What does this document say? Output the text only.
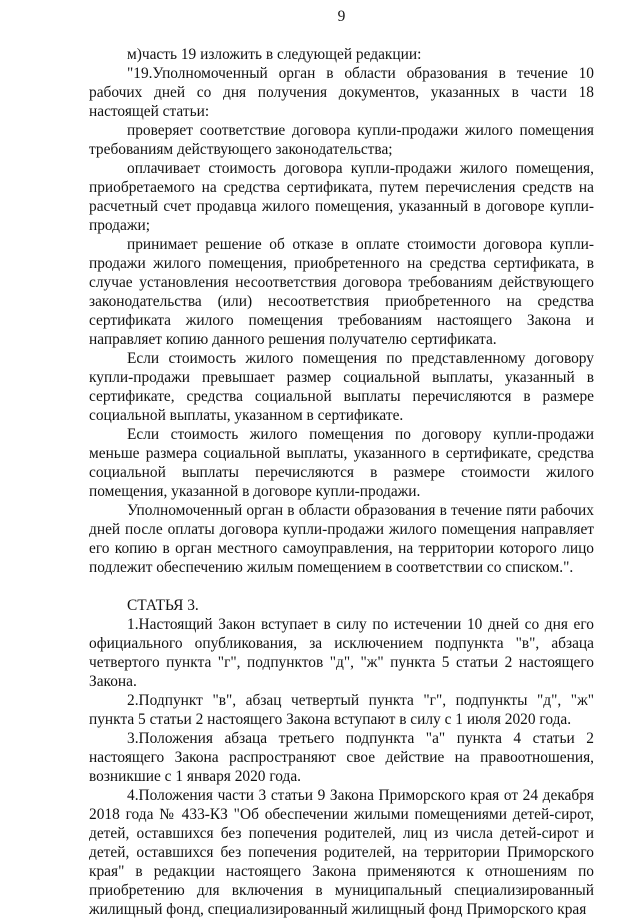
9

м)часть 19 изложить в следующей редакции:

"19.Уполномоченный орган в области образования в течение 10 рабочих дней со дня получения документов, указанных в части 18 настоящей статьи:

проверяет соответствие договора купли-продажи жилого помещения требованиям действующего законодательства;

оплачивает стоимость договора купли-продажи жилого помещения, приобретаемого на средства сертификата, путем перечисления средств на расчетный счет продавца жилого помещения, указанный в договоре купли-продажи;

принимает решение об отказе в оплате стоимости договора купли-продажи жилого помещения, приобретенного на средства сертификата, в случае установления несоответствия договора требованиям действующего законодательства (или) несоответствия приобретенного на средства сертификата жилого помещения требованиям настоящего Закона и направляет копию данного решения получателю сертификата.

Если стоимость жилого помещения по представленному договору купли-продажи превышает размер социальной выплаты, указанный в сертификате, средства социальной выплаты перечисляются в размере социальной выплаты, указанном в сертификате.

Если стоимость жилого помещения по договору купли-продажи меньше размера социальной выплаты, указанного в сертификате, средства социальной выплаты перечисляются в размере стоимости жилого помещения, указанной в договоре купли-продажи.

Уполномоченный орган в области образования в течение пяти рабочих дней после оплаты договора купли-продажи жилого помещения направляет его копию в орган местного самоуправления, на территории которого лицо подлежит обеспечению жилым помещением в соответствии со списком.".

СТАТЬЯ 3.

1.Настоящий Закон вступает в силу по истечении 10 дней со дня его официального опубликования, за исключением подпункта "в", абзаца четвертого пункта "г", подпунктов "д", "ж" пункта 5 статьи 2 настоящего Закона.

2.Подпункт "в", абзац четвертый пункта "г", подпункты "д", "ж" пункта 5 статьи 2 настоящего Закона вступают в силу с 1 июля 2020 года.

3.Положения абзаца третьего подпункта "а" пункта 4 статьи 2 настоящего Закона распространяют свое действие на правоотношения, возникшие с 1 января 2020 года.

4.Положения части 3 статьи 9 Закона Приморского края от 24 декабря 2018 года № 433-КЗ "Об обеспечении жилыми помещениями детей-сирот, детей, оставшихся без попечения родителей, лиц из числа детей-сирот и детей, оставшихся без попечения родителей, на территории Приморского края" в редакции настоящего Закона применяются к отношениям по приобретению для включения в муниципальный специализированный жилищный фонд, специализированный жилищный фонд Приморского края
